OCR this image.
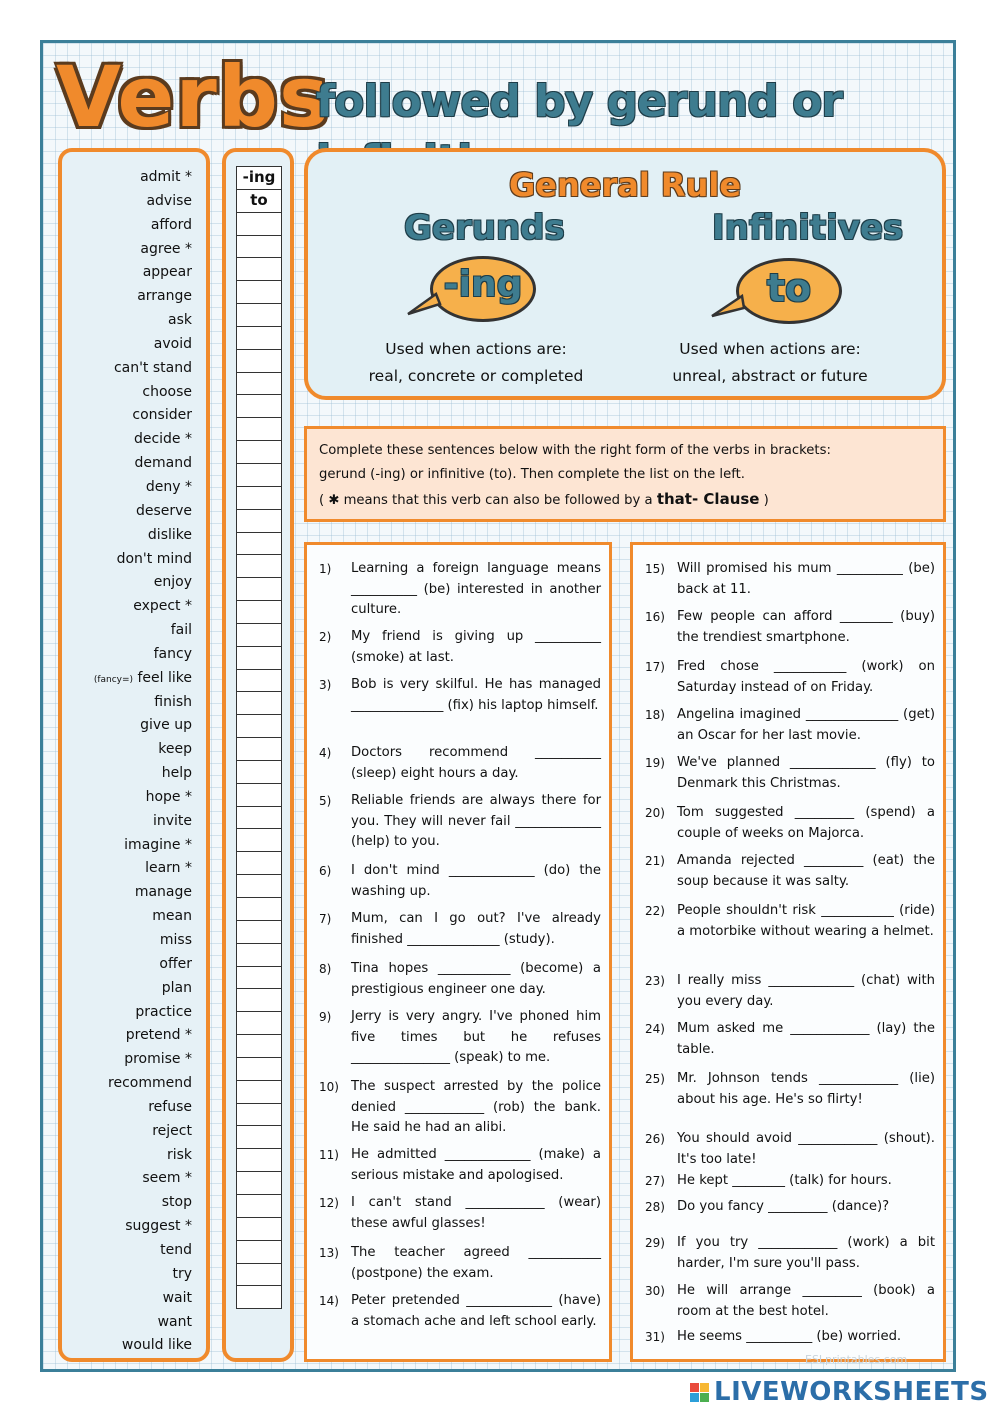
Verbs
followed by gerund or
admit *
advise
afford
agree *
appear
arrange
ask
avoid
can't stand
choose
consider
decide *
demand
deny *
deserve
dislike
don't mind
enjoy
expect *
fail
fancy
(fancy=) feel like
finish
give up
keep
help
hope *
invite
imagine *
learn *
manage
mean
miss
offer
plan
practice
pretend *
promise *
recommend
refuse
reject
risk
seem *
stop
suggest *
tend
try
wait
want
would like
-ing
to	General Rule
Gerunds	Infinitives
-ing	to
Used when actions are:
real, concrete or completed
Used when actions are:
unreal, abstract or future
Complete these sentences below with the right form of the verbs in brackets:
gerund (-ing) or infinitive (to). Then complete the list on the left.
( ✱ means that this verb can also be followed by a that- Clause )
1)	Learning a foreign language means __________ (be) interested in another culture.
2)	My friend is giving up __________ (smoke) at last.
3)	Bob is very skilful. He has managed ______________ (fix) his laptop himself.
4)	Doctors recommend __________ (sleep) eight hours a day.
5)	Reliable friends are always there for you. They will never fail _____________ (help) to you.
6)	I don't mind _____________ (do) the washing up.
7)	Mum, can I go out? I've already finished ______________ (study).
8)	Tina hopes ___________ (become) a prestigious engineer one day.
9)	Jerry is very angry. I've phoned him five times but he refuses _______________ (speak) to me.
10) The suspect arrested by the police denied ____________ (rob) the bank. He said he had an alibi.
11) He admitted _____________ (make) a serious mistake and apologised.
12) I can't stand ____________ (wear) these awful glasses!
13) The teacher agreed ___________ (postpone) the exam.
14) Peter pretended _____________ (have) a stomach ache and left school early.
15) Will promised his mum __________ (be) back at 11.
16) Few people can afford ________ (buy) the trendiest smartphone.
17) Fred chose ___________ (work) on Saturday instead of on Friday.
18) Angelina imagined ______________ (get) an Oscar for her last movie.
19) We've planned _____________ (fly) to Denmark this Christmas.
20) Tom suggested _________ (spend) a couple of weeks on Majorca.
21) Amanda rejected _________ (eat) the soup because it was salty.
22) People shouldn't risk ___________ (ride) a motorbike without wearing a helmet.
23) I really miss _____________ (chat) with you every day.
24) Mum asked me ____________ (lay) the table.
25) Mr. Johnson tends ____________ (lie) about his age. He's so flirty!
26) You should avoid ____________ (shout). It's too late!
27) He kept ________ (talk) for hours.
28) Do you fancy _________ (dance)?
29) If you try ____________ (work) a bit harder, I'm sure you'll pass.
30) He will arrange _________ (book) a room at the best hotel.
31) He seems __________ (be) worried.
ESLprintables.com
LIVEWORKSHEETS
